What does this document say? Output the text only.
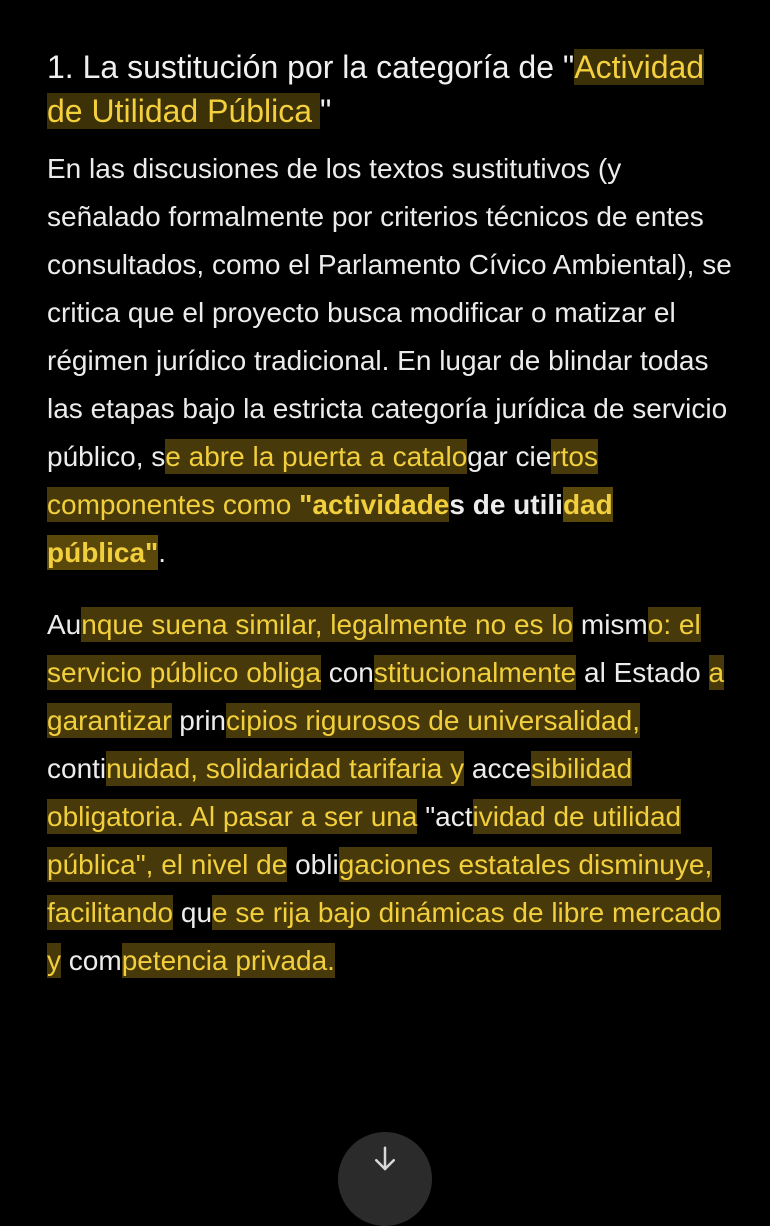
1. La sustitución por la categoría de "Actividad de Utilidad Pública "

En las discusiones de los textos sustitutivos (y señalado formalmente por criterios técnicos de entes consultados, como el Parlamento Cívico Ambiental), se critica que el proyecto busca modificar o matizar el régimen jurídico tradicional. En lugar de blindar todas las etapas bajo la estricta categoría jurídica de servicio público, se abre la puerta a catalogar ciertos componentes como "actividades de utilidad pública".

Aunque suena similar, legalmente no es lo mismo: el servicio público obliga constitucionalmente al Estado a garantizar principios rigurosos de universalidad, continuidad, solidaridad tarifaria y accesibilidad obligatoria. Al pasar a ser una "actividad de utilidad pública", el nivel de obligaciones estatales disminuye, facilitando que se rija bajo dinámicas de libre mercado y competencia privada.
